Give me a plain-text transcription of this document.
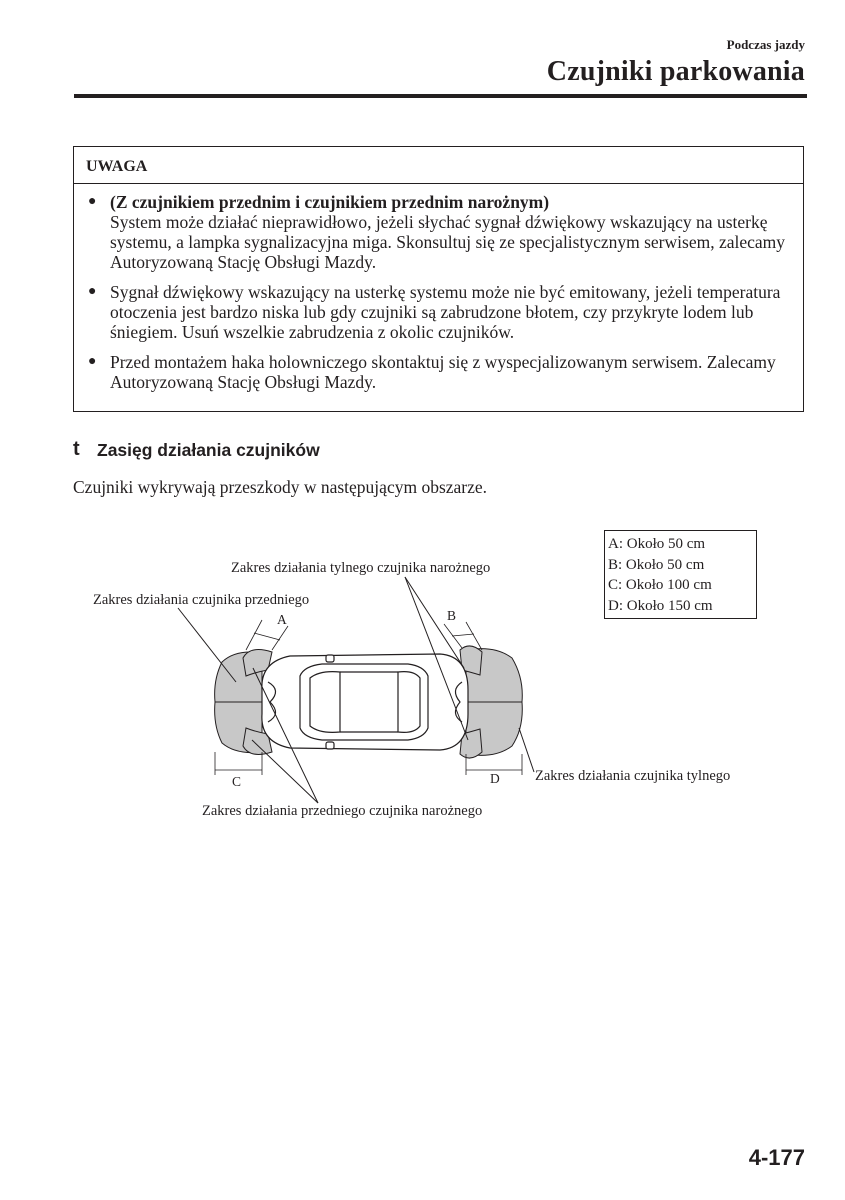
Podczas jazdy
Czujniki parkowania
UWAGA
● (Z czujnikiem przednim i czujnikiem przednim narożnym)
System może działać nieprawidłowo, jeżeli słychać sygnał dźwiękowy wskazujący na usterkę systemu, a lampka sygnalizacyjna miga. Skonsultuj się ze specjalistycznym serwisem, zalecamy Autoryzowaną Stację Obsługi Mazdy.
● Sygnał dźwiękowy wskazujący na usterkę systemu może nie być emitowany, jeżeli temperatura otoczenia jest bardzo niska lub gdy czujniki są zabrudzone błotem, czy przykryte lodem lub śniegiem. Usuń wszelkie zabrudzenia z okolic czujników.
● Przed montażem haka holowniczego skontaktuj się z wyspecjalizowanym serwisem. Zalecamy Autoryzowaną Stację Obsługi Mazdy.
t Zasięg działania czujników
Czujniki wykrywają przeszkody w następującym obszarze.
A: Około 50 cm
B: Około 50 cm
C: Około 100 cm
D: Około 150 cm
Zakres działania tylnego czujnika narożnego
Zakres działania czujnika przedniego
Zakres działania czujnika tylnego
Zakres działania przedniego czujnika narożnego
A	B
C	D
4-177
